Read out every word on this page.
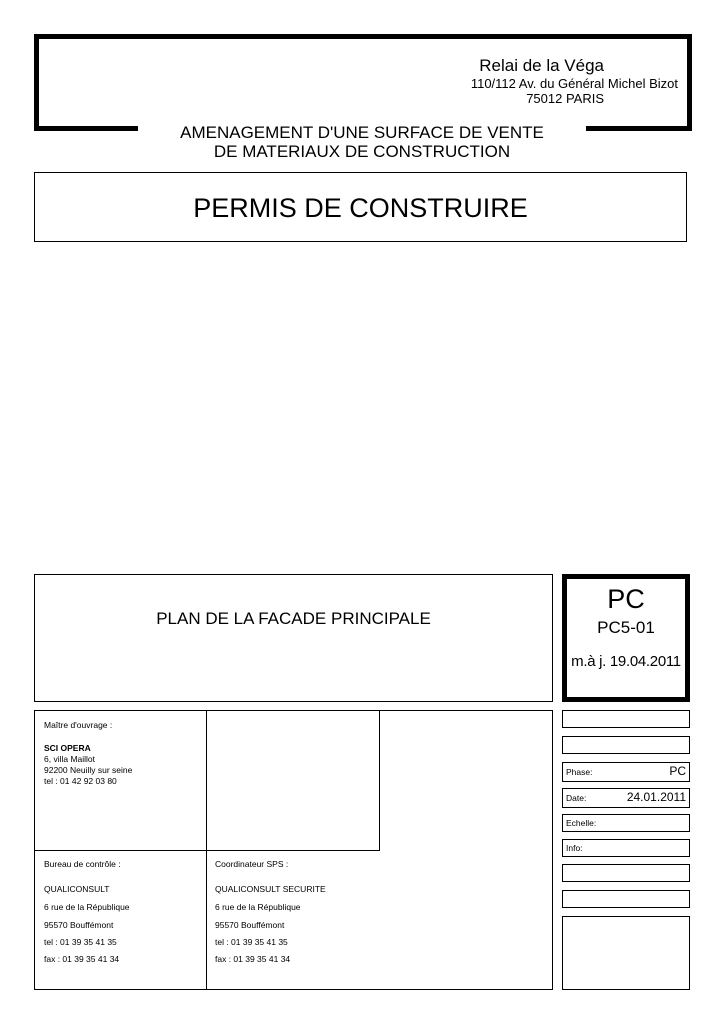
Relai de la Véga
110/112 Av. du Général Michel Bizot
75012 PARIS
AMENAGEMENT D'UNE SURFACE DE VENTE
DE MATERIAUX DE CONSTRUCTION
PERMIS DE CONSTRUIRE
PLAN DE LA FACADE PRINCIPALE
PC
PC5-01
m.à j. 19.04.2011
Maître d'ouvrage :
SCI OPERA
6, villa Maillot
92200 Neuilly sur seine
tel : 01 42 92 03 80
Bureau de contrôle :
QUALICONSULT
6 rue de la République
95570 Bouffémont
tel : 01 39 35 41 35
fax : 01 39 35 41 34
Coordinateur SPS :
QUALICONSULT SECURITE
6 rue de la République
95570 Bouffémont
tel : 01 39 35 41 35
fax : 01 39 35 41 34
Phase:	PC
Date:	24.01.2011
Echelle:
Info:
